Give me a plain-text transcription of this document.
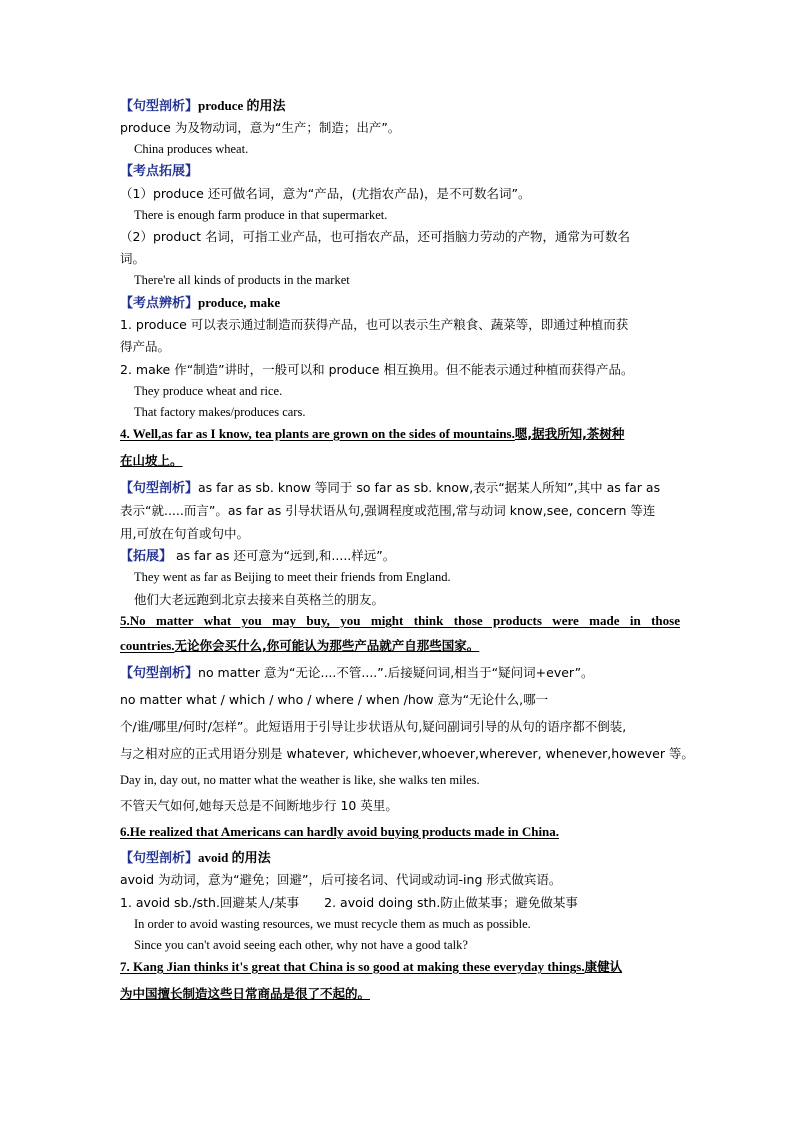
【句型剖析】produce 的用法
produce 为及物动词，意为“生产；制造；出产”。
China produces wheat.
【考点拓展】
（1）produce 还可做名词，意为“产品，(尤指农产品)，是不可数名词”。
There is enough farm produce in that supermarket.
（2）product 名词，可指工业产品，也可指农产品，还可指脑力劳动的产物，通常为可数名
词。
There're all kinds of products in the market
【考点辨析】produce, make
1. produce 可以表示通过制造而获得产品，也可以表示生产粮食、蔬菜等，即通过种植而获
得产品。
2. make 作“制造”讲时，一般可以和 produce 相互换用。但不能表示通过种植而获得产品。
They produce wheat and rice.
That factory makes/produces cars.
4. Well,as far as I know, tea plants are grown on the sides of mountains.嗯,据我所知,茶树种
在山坡上。
【句型剖析】as far as sb. know 等同于 so far as sb. know,表示“据某人所知”,其中 as far as
表示“就.....而言”。as far as 引导状语从句,强调程度或范围,常与动词 know,see, concern 等连
用,可放在句首或句中。
【拓展】 as far as 还可意为“远到,和.....样远”。
They went as far as Beijing to meet their friends from England.
他们大老远跑到北京去接来自英格兰的朋友。
5.No matter what you may buy, you might think those products were made in those
countries.无论你会买什么,你可能认为那些产品就产自那些国家。
【句型剖析】no matter 意为“无论....不管....”.后接疑问词,相当于“疑问词+ever”。
no matter what / which / who / where / when /how 意为“无论什么,哪一
个/谁/哪里/何时/怎样”。此短语用于引导让步状语从句,疑问副词引导的从句的语序都不倒装,
与之相对应的正式用语分别是 whatever, whichever,whoever,wherever, whenever,however 等。
Day in, day out, no matter what the weather is like, she walks ten miles.
不管天气如何,她每天总是不间断地步行 10 英里。
6.He realized that Americans can hardly avoid buying products made in China.
【句型剖析】avoid 的用法
avoid 为动词，意为“避免；回避”，后可接名词、代词或动词-ing 形式做宾语。
1. avoid sb./sth.回避某人/某事　　2. avoid doing sth.防止做某事；避免做某事
In order to avoid wasting resources, we must recycle them as much as possible.
Since you can't avoid seeing each other, why not have a good talk?
7. Kang Jian thinks it's great that China is so good at making these everyday things.康健认
为中国擅长制造这些日常商品是很了不起的。
